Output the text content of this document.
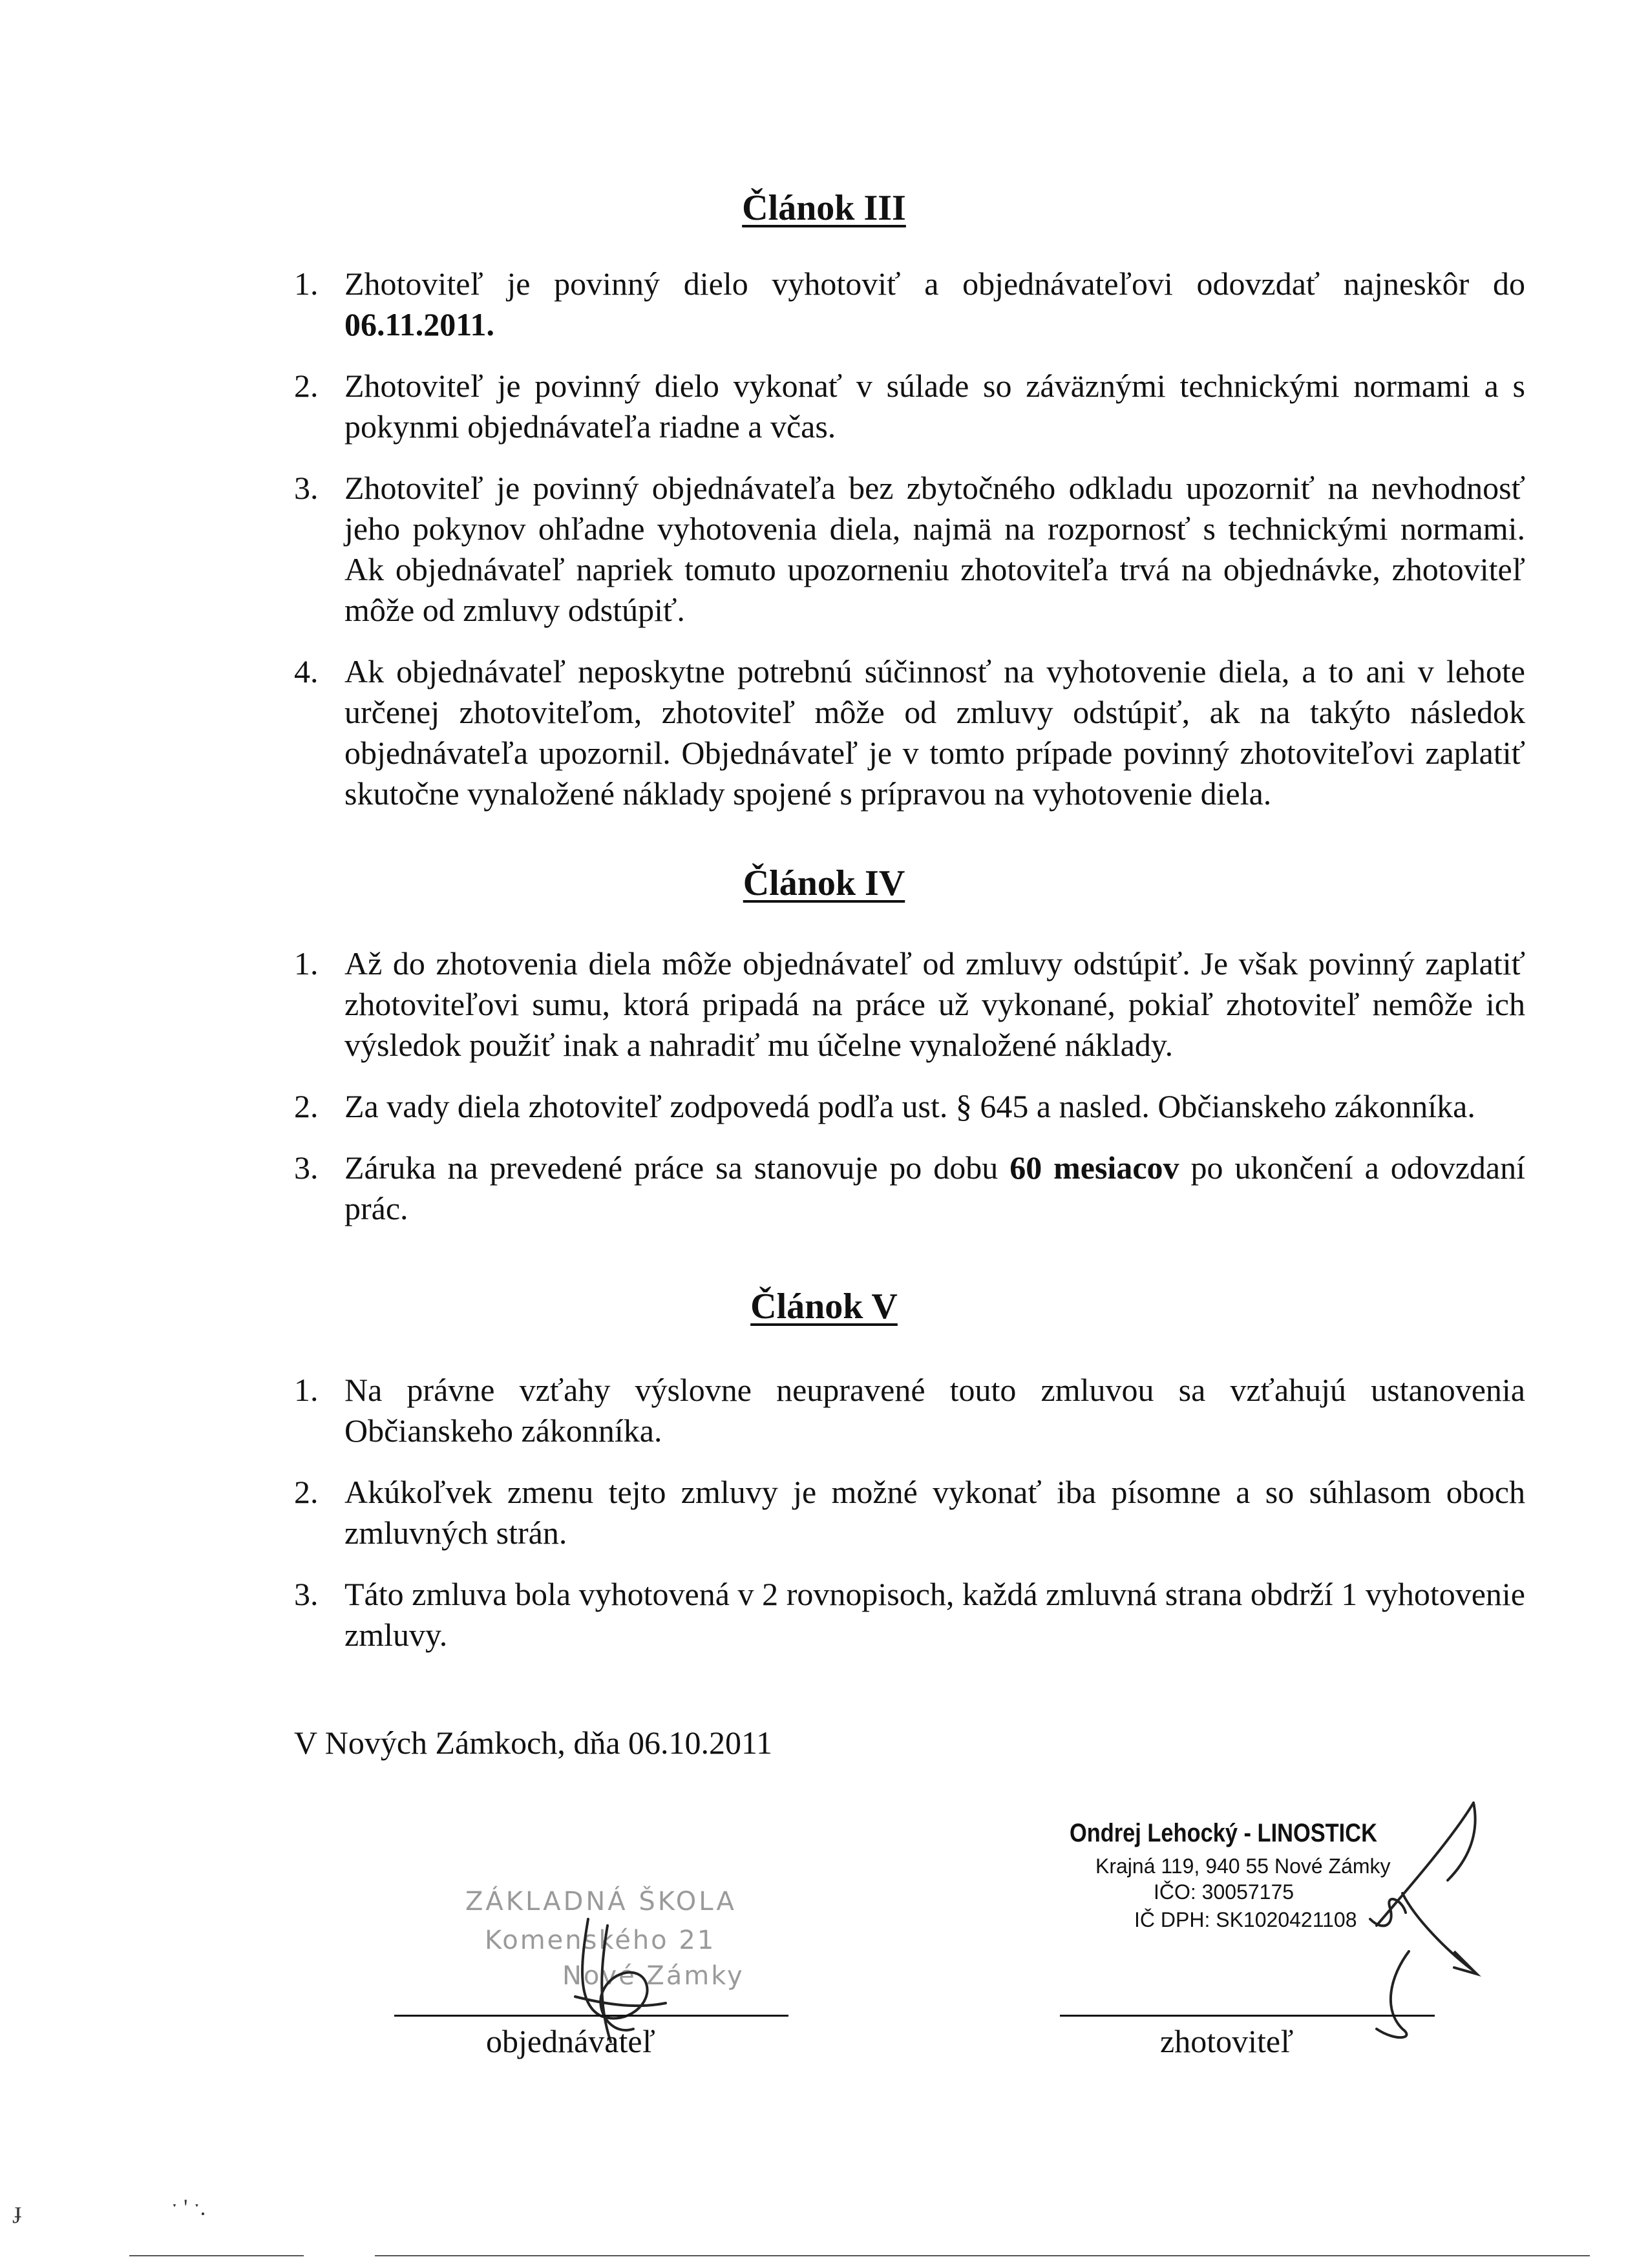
Článok III
1. Zhotoviteľ je povinný dielo vyhotoviť a objednávateľovi odovzdať najneskôr do 06.11.2011.
2. Zhotoviteľ je povinný dielo vykonať v súlade so záväznými technickými normami a s pokynmi objednávateľa riadne a včas.
3. Zhotoviteľ je povinný objednávateľa bez zbytočného odkladu upozorniť na nevhodnosť jeho pokynov ohľadne vyhotovenia diela, najmä na rozpornosť s technickými normami. Ak objednávateľ napriek tomuto upozorneniu zhotoviteľa trvá na objednávke, zhotoviteľ môže od zmluvy odstúpiť.
4. Ak objednávateľ neposkytne potrebnú súčinnosť na vyhotovenie diela, a to ani v lehote určenej zhotoviteľom, zhotoviteľ môže od zmluvy odstúpiť, ak na takýto následok objednávateľa upozornil. Objednávateľ je v tomto prípade povinný zhotoviteľovi zaplatiť skutočne vynaložené náklady spojené s prípravou na vyhotovenie diela.
Článok IV
1. Až do zhotovenia diela môže objednávateľ od zmluvy odstúpiť. Je však povinný zaplatiť zhotoviteľovi sumu, ktorá pripadá na práce už vykonané, pokiaľ zhotoviteľ nemôže ich výsledok použiť inak a nahradiť mu účelne vynaložené náklady.
2. Za vady diela zhotoviteľ zodpovedá podľa ust. § 645 a nasled. Občianskeho zákonníka.
3. Záruka na prevedené práce sa stanovuje po dobu 60 mesiacov po ukončení a odovzdaní prác.
Článok V
1. Na právne vzťahy výslovne neupravené touto zmluvou sa vzťahujú ustanovenia Občianskeho zákonníka.
2. Akúkoľvek zmenu tejto zmluvy je možné vykonať iba písomne a so súhlasom oboch zmluvných strán.
3. Táto zmluva bola vyhotovená v 2 rovnopisoch, každá zmluvná strana obdrží 1 vyhotovenie zmluvy.
V Nových Zámkoch, dňa 06.10.2011
ZÁKLADNÁ ŠKOLA
Komenského 21
Nové Zámky
objednávateľ
Ondrej Lehocký - LINOSTICK
Krajná 119, 940 55 Nové Zámky
IČO: 30057175
IČ DPH: SK1020421108
zhotoviteľ
ɟ	ˑ ' ˑ.
